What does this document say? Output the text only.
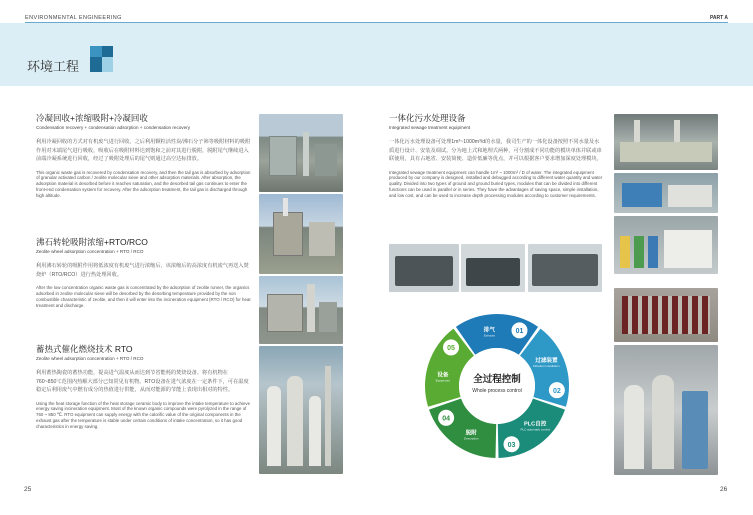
ENVIRONMENTAL ENGINEERING	PART A
环境工程
冷凝回收+浓缩吸附+冷凝回收
Condensation recovery + condensation adsorption + condensation recovery
利用冷凝回收的方式对有机废气进行回收，之后利用颗粒活性炭/沸石分子筛等吸附材料的吸附作用对末端尾气进行吸收，吸收后在吸附材料达到饱和之前对其进行脱附，脱附尾气继续进入前端冷凝系统进行回收，经过了吸附处理后的尾气则通过高空达标排放。
This organic waste gas is recovered by condensation recovery, and then the tail gas is absorbed by adsorption of granular activated carbon / zeolite molecular sieve and other adsorption materials. After absorption, the adsorption material is desorbed before it reaches saturation, and the desorbed tail gas continues to enter the front-end condensation system for recovery. After the adsorption treatment, the tail gas is discharged through high altitude.
沸石转轮吸附浓缩+RTO/RCO
Zeolite wheel adsorption concentration + RTO / RCO
利用沸石转轮的吸附作用将低浓度有机废气进行浓缩后，该浓缩后的高浓度有机废气再送入焚烧炉（RTO/RCO）进行热处理回收。
After the low concentration organic waste gas is concentrated by the adsorption of zeolite runner, the organics adsorbed in zeolite molecular sieve will be desorbed by the desorbing temperature provided by the non combustible characteristic of zeolite, and then it will enter into the incineration equipment (RTO / RCO) for heat treatment and discharge.
蓄热式催化燃烧技术 RTO
Zeolite wheel adsorption concentration + RTO / RCO
利用蓄热陶瓷的蓄热功能，提高进气温度从而达到节省能耗的焚烧设备。将有机物在760~850℃范围内热解大部分已知常见有机物。RTO设备在进气浓度在一定条件下，可在温度稳定后利用废气中燃有成分的热值进行供能，从而对能源的节能上表现出相对的特性。
Using the heat storage function of the heat storage ceramic body to improve the intake temperature to achieve energy saving incineration equipment. Most of the known organic compounds were pyrolyzed in the range of 760 ~ 850 ℃. RTO equipment can supply energy with the calorific value of the original components in the exhaust gas after the temperature is stable under certain conditions of intake concentration, so it has good characteristics in energy saving.
一体化污水处理设备
Integrated sewage treatment equipment
一体化污水处理设备可处理1m³~1000m³/d的水量，我司生产的一体化设备按照不同水量及水质进行设计、安装及调试。分为地上式和地埋式两种，可分割成不同功能的模块单体并联或串联使用，具有占地省、安装简便、造价低廉等优点，并可以根据客户要求增加深度处理模块。
Integrated sewage treatment equipment can handle 1m³ ~ 1000m³ / D of water. The integrated equipment produced by our company is designed, installed and debugged according to different water quantity and water quality. Divided into two types of ground and ground buried types, modules that can be divided into different functions can be used in parallel or in series. They have the advantages of saving space, simple installation, and low cost, and can be used to increase depth processing modules according to customer requirements.
01
排气
Exhaust
02
过滤装置
Filtration installation
03
PLC自控
PLC automatic control
04
脱附
Desorption
05
设备
Equipment 全过程控制
Whole process control
25	26
